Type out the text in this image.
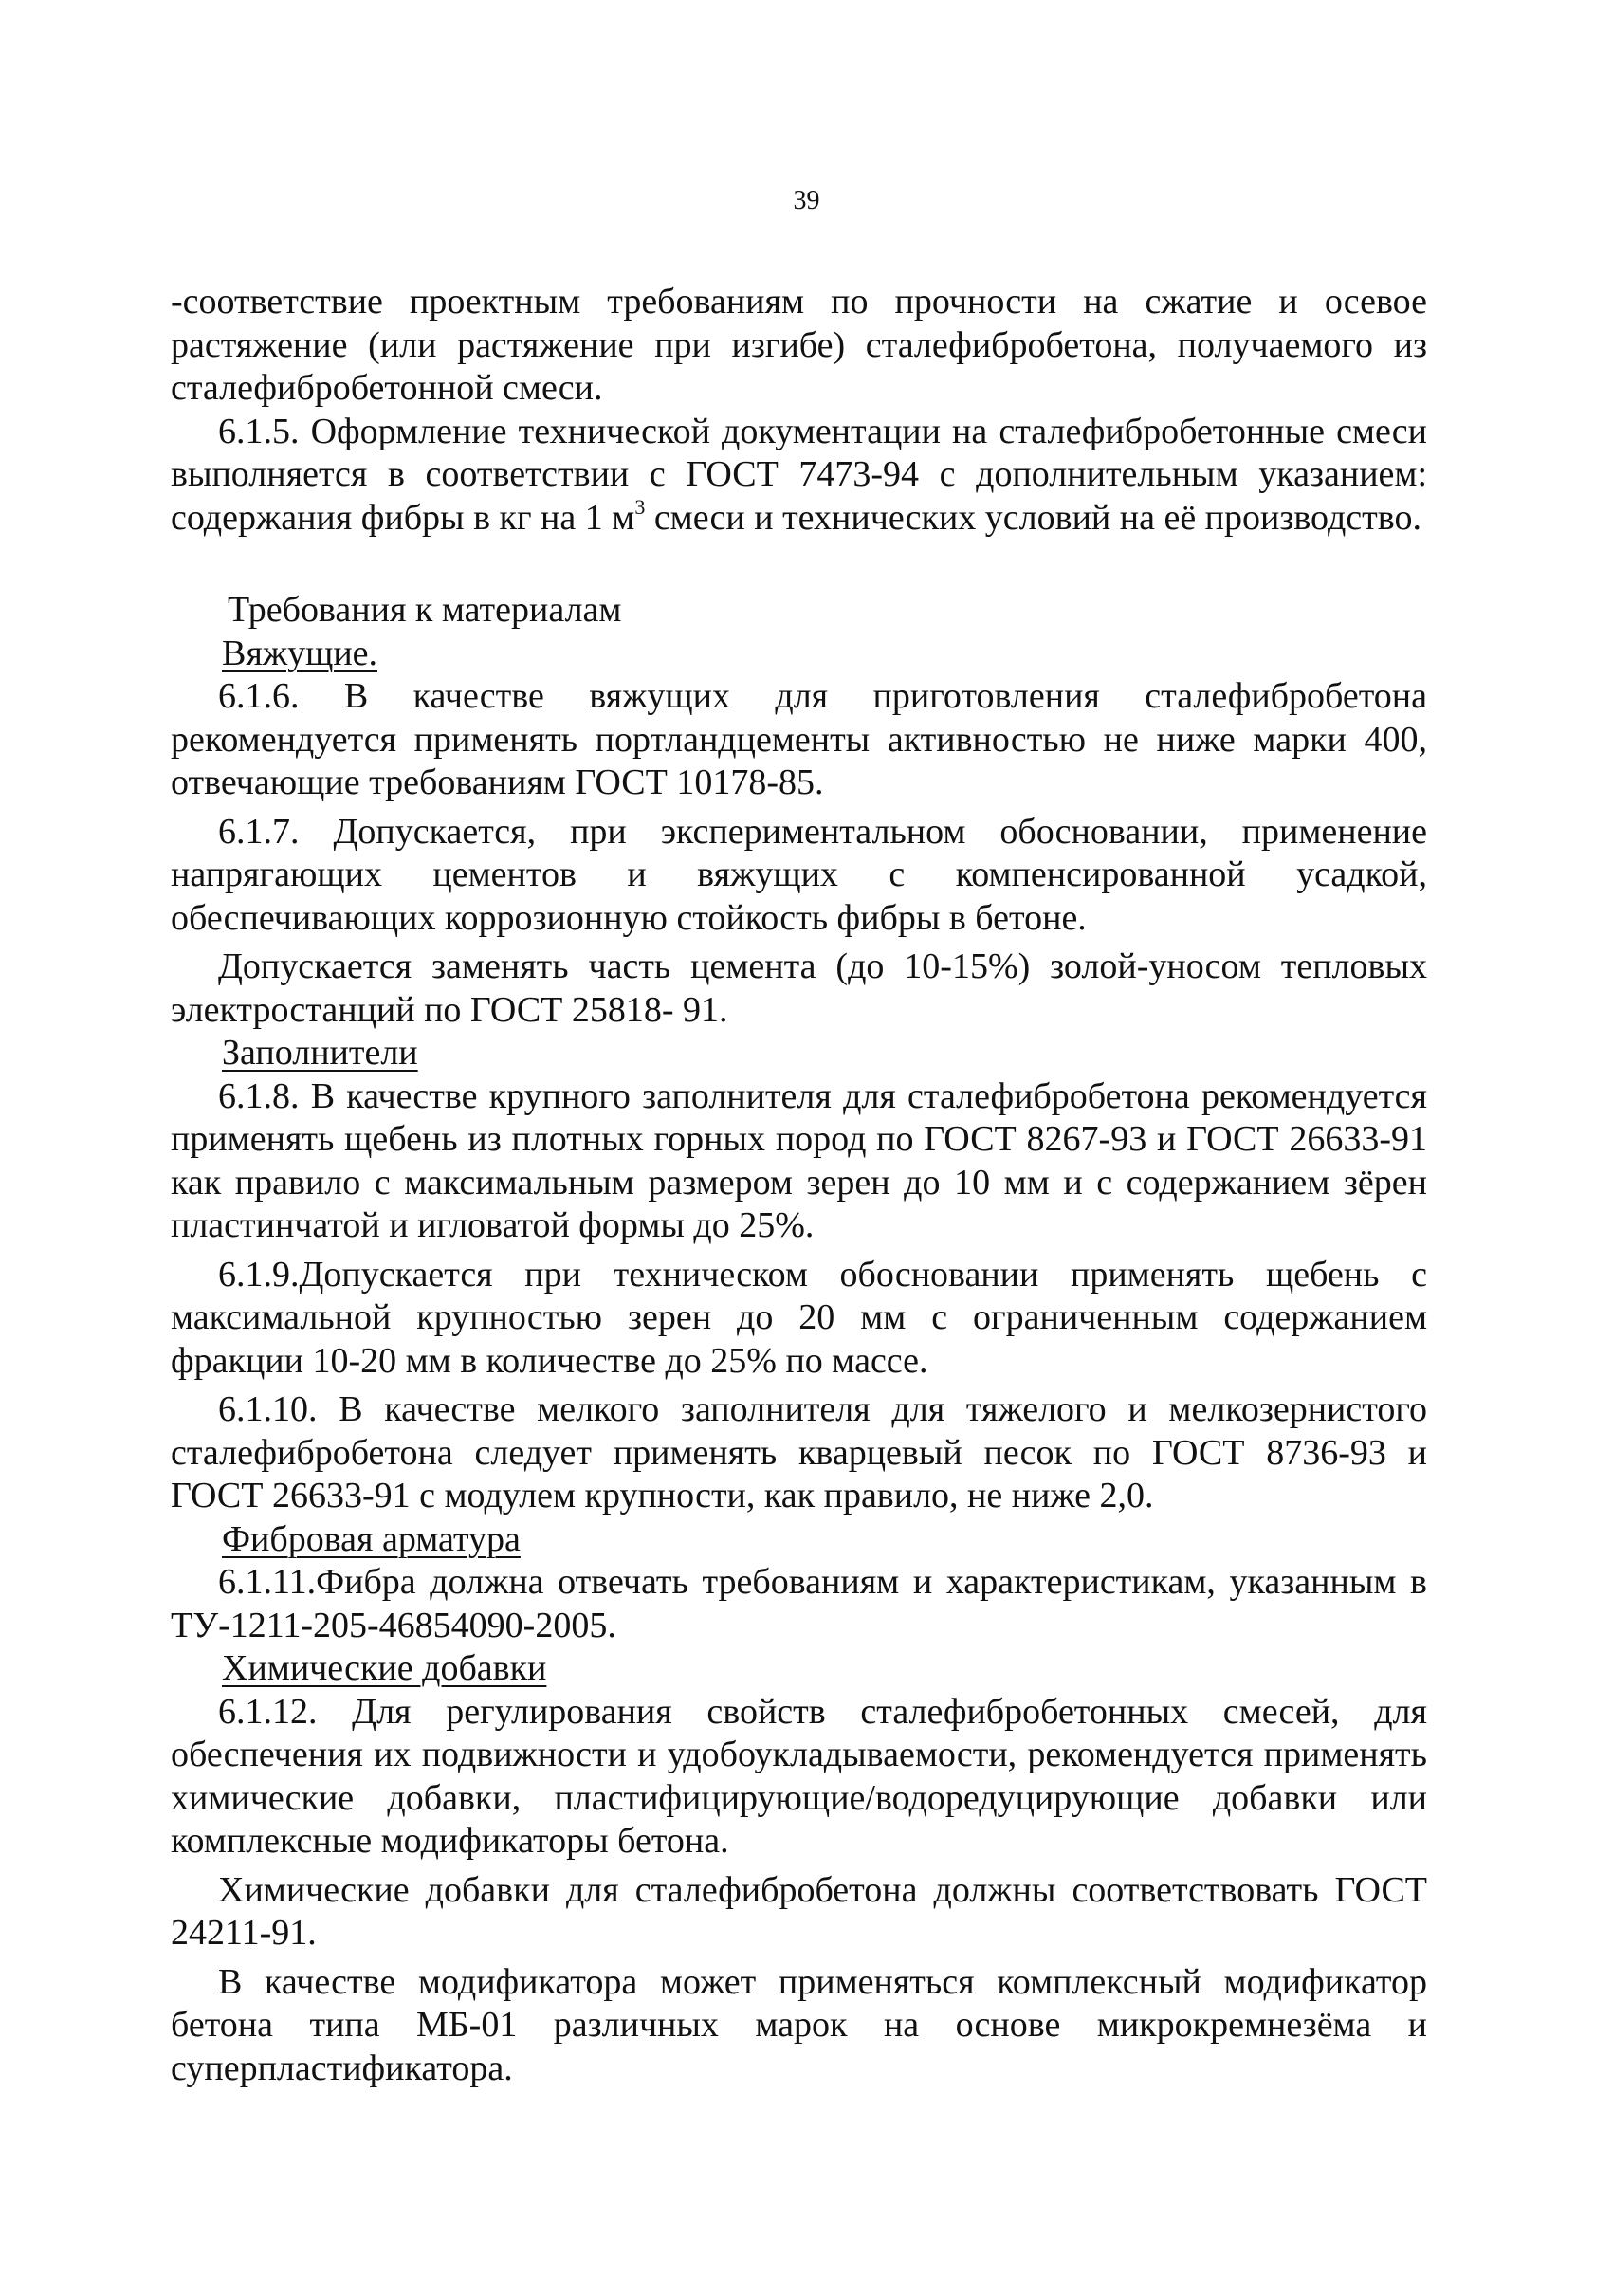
39

-соответствие проектным требованиям по прочности на сжатие и осевое растяжение (или растяжение при изгибе) сталефибробетона, получаемого из сталефибробетонной смеси.

6.1.5. Оформление технической документации на сталефибробетонные смеси выполняется в соответствии с ГОСТ 7473-94 с дополнительным указанием: содержания фибры в кг на 1 $м^3$ смеси и технических условий на её производство.

Требования к материалам

Вяжущие.

6.1.6. В качестве вяжущих для приготовления сталефибробетона рекомендуется применять портландцементы активностью не ниже марки 400, отвечающие требованиям ГОСТ 10178-85.

6.1.7. Допускается, при экспериментальном обосновании, применение напрягающих цементов и вяжущих с компенсированной усадкой, обеспечивающих коррозионную стойкость фибры в бетоне.

Допускается заменять часть цемента (до 10-15%) золой-уносом тепловых электростанций по ГОСТ 25818- 91.

Заполнители

6.1.8. В качестве крупного заполнителя для сталефибробетона рекомендуется применять щебень из плотных горных пород по ГОСТ 8267-93 и ГОСТ 26633-91 как правило с максимальным размером зерен до 10 мм и с содержанием зёрен пластинчатой и игловатой формы до 25%.

6.1.9.Допускается при техническом обосновании применять щебень с максимальной крупностью зерен до 20 мм с ограниченным содержанием фракции 10-20 мм в количестве до 25% по массе.

6.1.10. В качестве мелкого заполнителя для тяжелого и мелкозернистого сталефибробетона следует применять кварцевый песок по ГОСТ 8736-93 и ГОСТ 26633-91 с модулем крупности, как правило, не ниже 2,0.

Фибровая арматура

6.1.11.Фибра должна отвечать требованиям и характеристикам, указанным в ТУ-1211-205-46854090-2005.

Химические добавки

6.1.12. Для регулирования свойств сталефибробетонных смесей, для обеспечения их подвижности и удобоукладываемости, рекомендуется применять химические добавки, пластифицирующие/водоредуцирующие добавки или комплексные модификаторы бетона.

Химические добавки для сталефибробетона должны соответствовать ГОСТ 24211-91.

В качестве модификатора может применяться комплексный модификатор бетона типа МБ-01 различных марок на основе микрокремнезёма и суперпластификатора.
